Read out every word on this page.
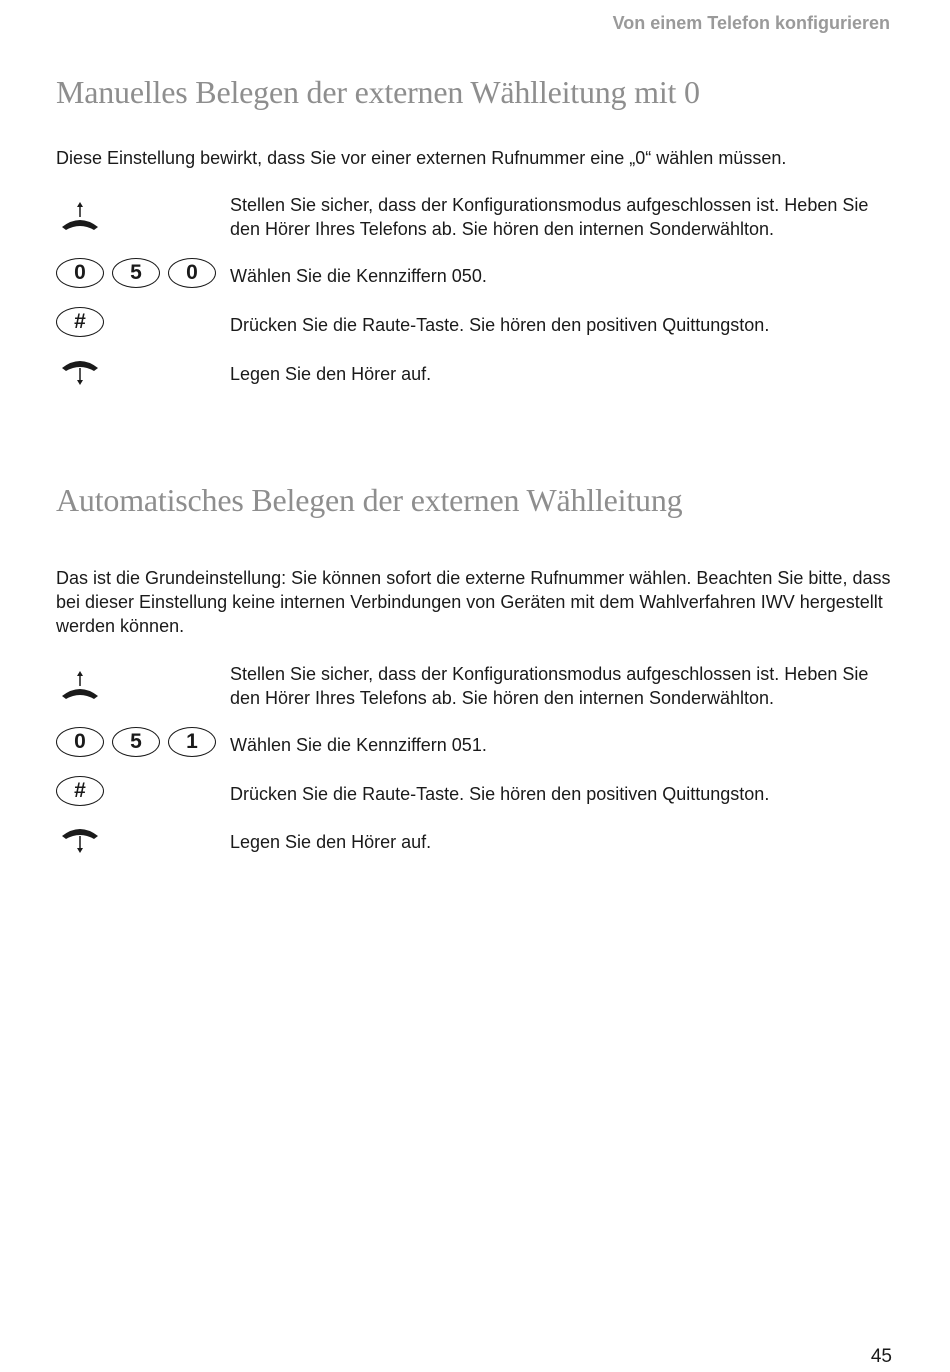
Von einem Telefon konfigurieren
Manuelles Belegen der externen Wählleitung mit 0

Diese Einstellung bewirkt, dass Sie vor einer externen Rufnummer eine „0“ wählen müssen.

Stellen Sie sicher, dass der Konfigurationsmodus aufgeschlossen ist. Heben Sie den Hörer Ihres Telefons ab. Sie hören den internen Sonderwählton.
0	5	0	Wählen Sie die Kennziffern 050.
#	Drücken Sie die Raute-Taste. Sie hören den positiven Quittungston.
Legen Sie den Hörer auf.
Automatisches Belegen der externen Wählleitung

Das ist die Grundeinstellung: Sie können sofort die externe Rufnummer wählen. Beachten Sie bitte, dass bei dieser Einstellung keine internen Verbindungen von Geräten mit dem Wahlverfahren IWV hergestellt werden können.

Stellen Sie sicher, dass der Konfigurationsmodus aufgeschlossen ist. Heben Sie den Hörer Ihres Telefons ab. Sie hören den internen Sonderwählton.
0	5	1	Wählen Sie die Kennziffern 051.
#	Drücken Sie die Raute-Taste. Sie hören den positiven Quittungston.
Legen Sie den Hörer auf.
45
